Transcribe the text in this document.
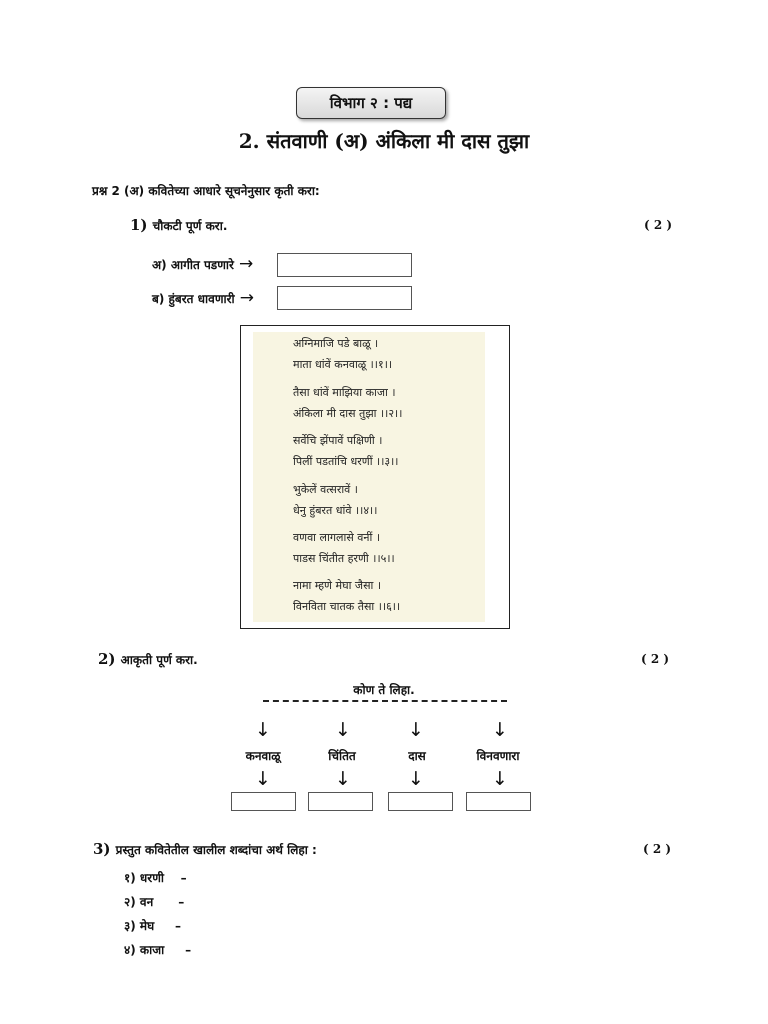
विभाग २ : पद्य
2. संतवाणी (अ) अंकिला मी दास तुझा
प्रश्न 2 (अ) कवितेच्या आधारे सूचनेनुसार कृती करा:
1) चौकटी पूर्ण करा.	( 2 )
अ) आगीत पडणारे →
ब) हुंबरत धावणारी →
अग्निमाजि पडे बाळू ।
माता धांवें कनवाळू ।।१।।
तैसा धांवें माझिया काजा ।
अंकिला मी दास तुझा ।।२।।
सर्वेचि झेंपावें पक्षिणी ।
पिलीं पडतांचि धरणीं ।।३।।
भुकेलें वत्सरावें ।
धेनु हुंबरत धांवे ।।४।।
वणवा लागलासे वनीं ।
पाडस चिंतीत हरणी ।।५।।
नामा म्हणे मेघा जैसा ।
विनविता चातक तैसा ।।६।।
2) आकृती पूर्ण करा.	( 2 )
कोण ते लिहा.
↓	↓	↓	↓
कनवाळू	चिंतित	दास	विनवणारा
↓	↓	↓	↓
3) प्रस्तुत कवितेतील खालील शब्दांचा अर्थ लिहा :	( 2 )
१) धरणी    –
२) वन      –
३) मेघ     –
४) काजा     –
